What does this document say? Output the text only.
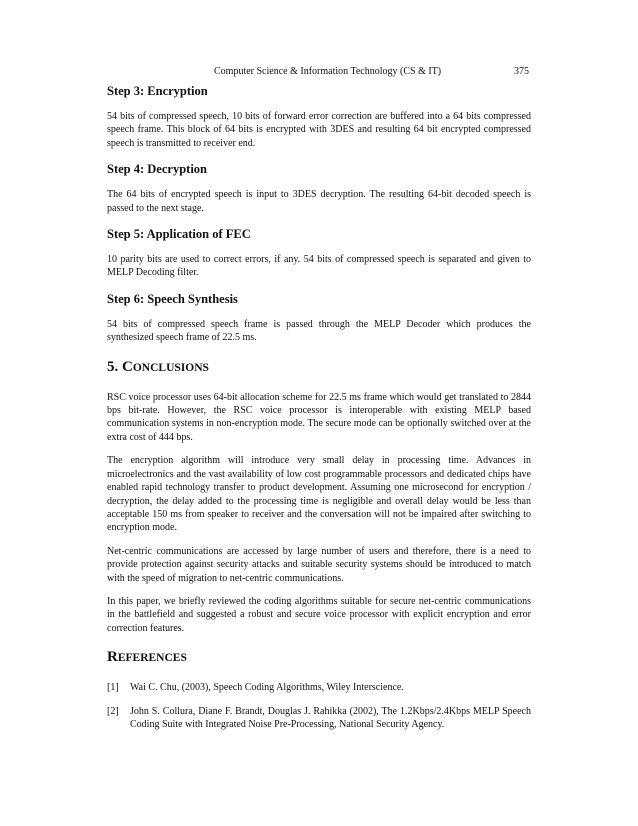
Computer Science & Information Technology (CS & IT)	375
Step 3: Encryption

54 bits of compressed speech, 10 bits of forward error correction are buffered into a 64 bits compressed speech frame. This block of 64 bits is encrypted with 3DES and resulting 64 bit encrypted compressed speech is transmitted to receiver end.

Step 4: Decryption

The 64 bits of encrypted speech is input to 3DES decryption. The resulting 64-bit decoded speech is passed to the next stage.

Step 5: Application of FEC

10 parity bits are used to correct errors, if any. 54 bits of compressed speech is separated and given to MELP Decoding filter.

Step 6: Speech Synthesis

54 bits of compressed speech frame is passed through the MELP Decoder which produces the synthesized speech frame of 22.5 ms.

5. CONCLUSIONS

RSC voice processor uses 64-bit allocation scheme for 22.5 ms frame which would get translated to 2844 bps bit-rate. However, the RSC voice processor is interoperable with existing MELP based communication systems in non-encryption mode. The secure mode can be optionally switched over at the extra cost of 444 bps.

The encryption algorithm will introduce very small delay in processing time. Advances in microelectronics and the vast availability of low cost programmable processors and dedicated chips have enabled rapid technology transfer to product development. Assuming one microsecond for encryption / decryption, the delay added to the processing time is negligible and overall delay would be less than acceptable 150 ms from speaker to receiver and the conversation will not be impaired after switching to encryption mode.

Net-centric communications are accessed by large number of users and therefore, there is a need to provide protection against security attacks and suitable security systems should be introduced to match with the speed of migration to net-centric communications.

In this paper, we briefly reviewed the coding algorithms suitable for secure net-centric communications in the battlefield and suggested a robust and secure voice processor with explicit encryption and error correction features.

REFERENCES
[1] Wai C. Chu, (2003), Speech Coding Algorithms, Wiley Interscience.
[2] John S. Collura, Diane F. Brandt, Douglas J. Rahikka (2002), The 1.2Kbps/2.4Kbps MELP Speech Coding Suite with Integrated Noise Pre-Processing, National Security Agency.
